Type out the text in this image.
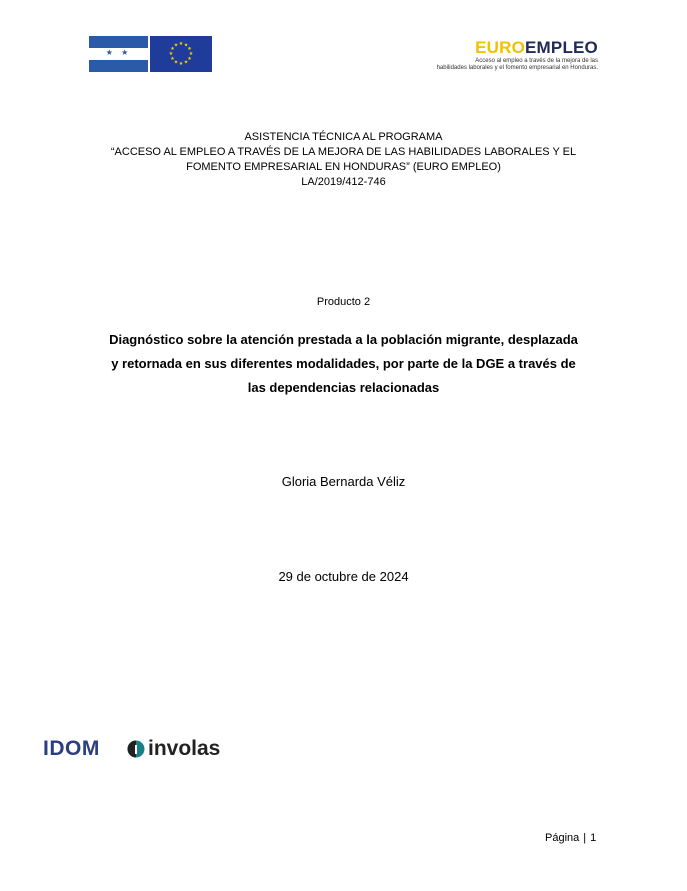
★ ★

★ ★
★
★
★
★
★
★
★
★
★
★	EUROEMPLEO
Acceso al empleo a través de la mejora de las
habilidades laborales y el fomento empresarial en Honduras.
ASISTENCIA TÉCNICA AL PROGRAMA
“ACCESO AL EMPLEO A TRAVÉS DE LA MEJORA DE LAS HABILIDADES LABORALES Y EL
FOMENTO EMPRESARIAL EN HONDURAS” (EURO EMPLEO)
LA/2019/412-746
Producto 2
Diagnóstico sobre la atención prestada a la población migrante, desplazada
y retornada en sus diferentes modalidades, por parte de la DGE a través de
las dependencias relacionadas
Gloria Bernarda Véliz
29 de octubre de 2024
IDOM involas
Página | 1
